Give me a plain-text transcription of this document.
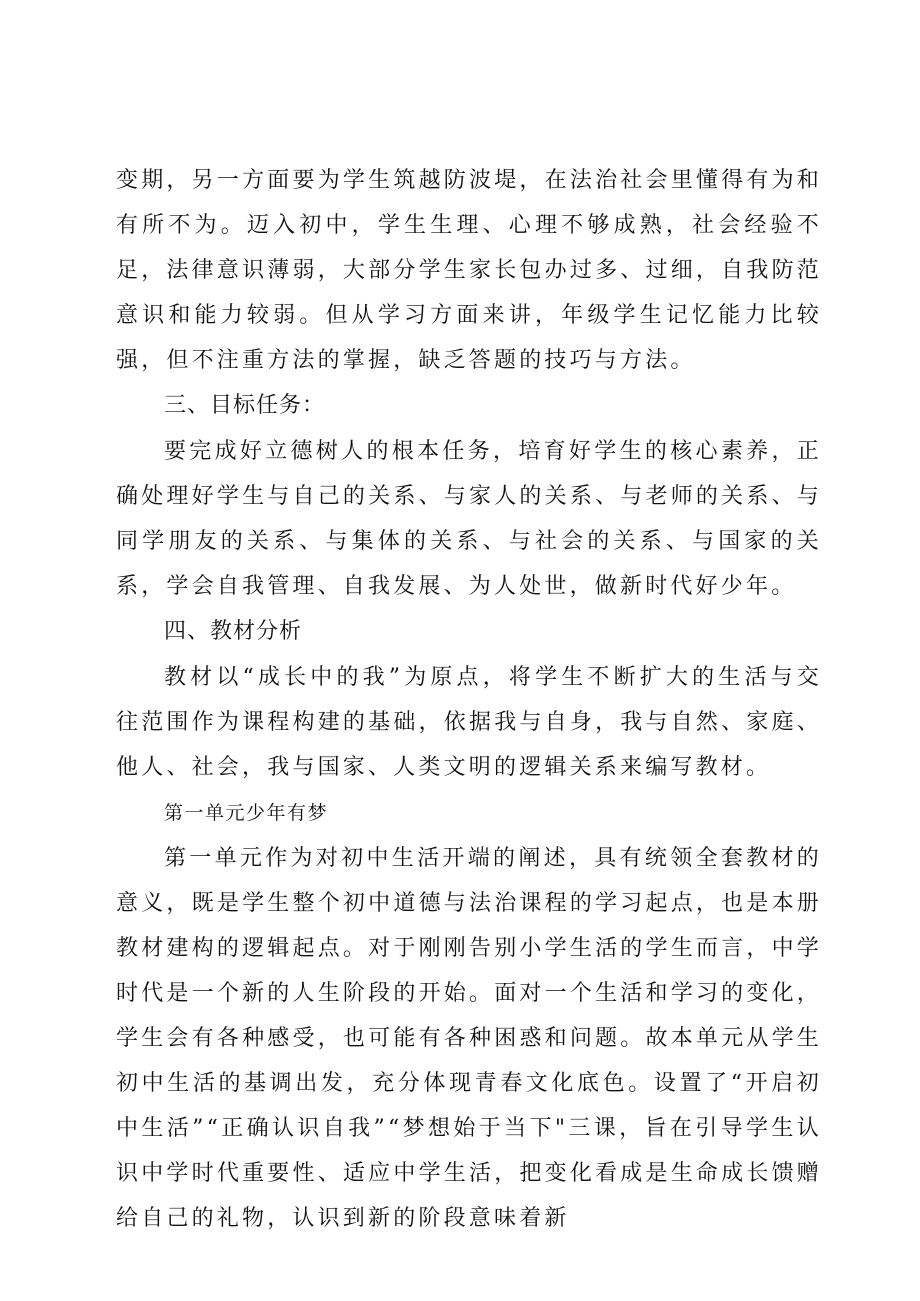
变期，另一方面要为学生筑越防波堤，在法治社会里懂得有为和有所不为。迈入初中，学生生理、心理不够成熟，社会经验不足，法律意识薄弱，大部分学生家长包办过多、过细，自我防范意识和能力较弱。但从学习方面来讲，年级学生记忆能力比较强，但不注重方法的掌握，缺乏答题的技巧与方法。

三、目标任务：

要完成好立德树人的根本任务，培育好学生的核心素养，正确处理好学生与自己的关系、与家人的关系、与老师的关系、与同学朋友的关系、与集体的关系、与社会的关系、与国家的关系，学会自我管理、自我发展、为人处世，做新时代好少年。

四、教材分析

教材以“成长中的我”为原点，将学生不断扩大的生活与交往范围作为课程构建的基础，依据我与自身，我与自然、家庭、他人、社会，我与国家、人类文明的逻辑关系来编写教材。

第一单元少年有梦

第一单元作为对初中生活开端的阐述，具有统领全套教材的意义，既是学生整个初中道德与法治课程的学习起点，也是本册教材建构的逻辑起点。对于刚刚告别小学生活的学生而言，中学时代是一个新的人生阶段的开始。面对一个生活和学习的变化，学生会有各种感受，也可能有各种困惑和问题。故本单元从学生初中生活的基调出发，充分体现青春文化底色。设置了“开启初中生活”“正确认识自我”“梦想始于当下"三课，旨在引导学生认识中学时代重要性、适应中学生活，把变化看成是生命成长馈赠给自己的礼物，认识到新的阶段意味着新
